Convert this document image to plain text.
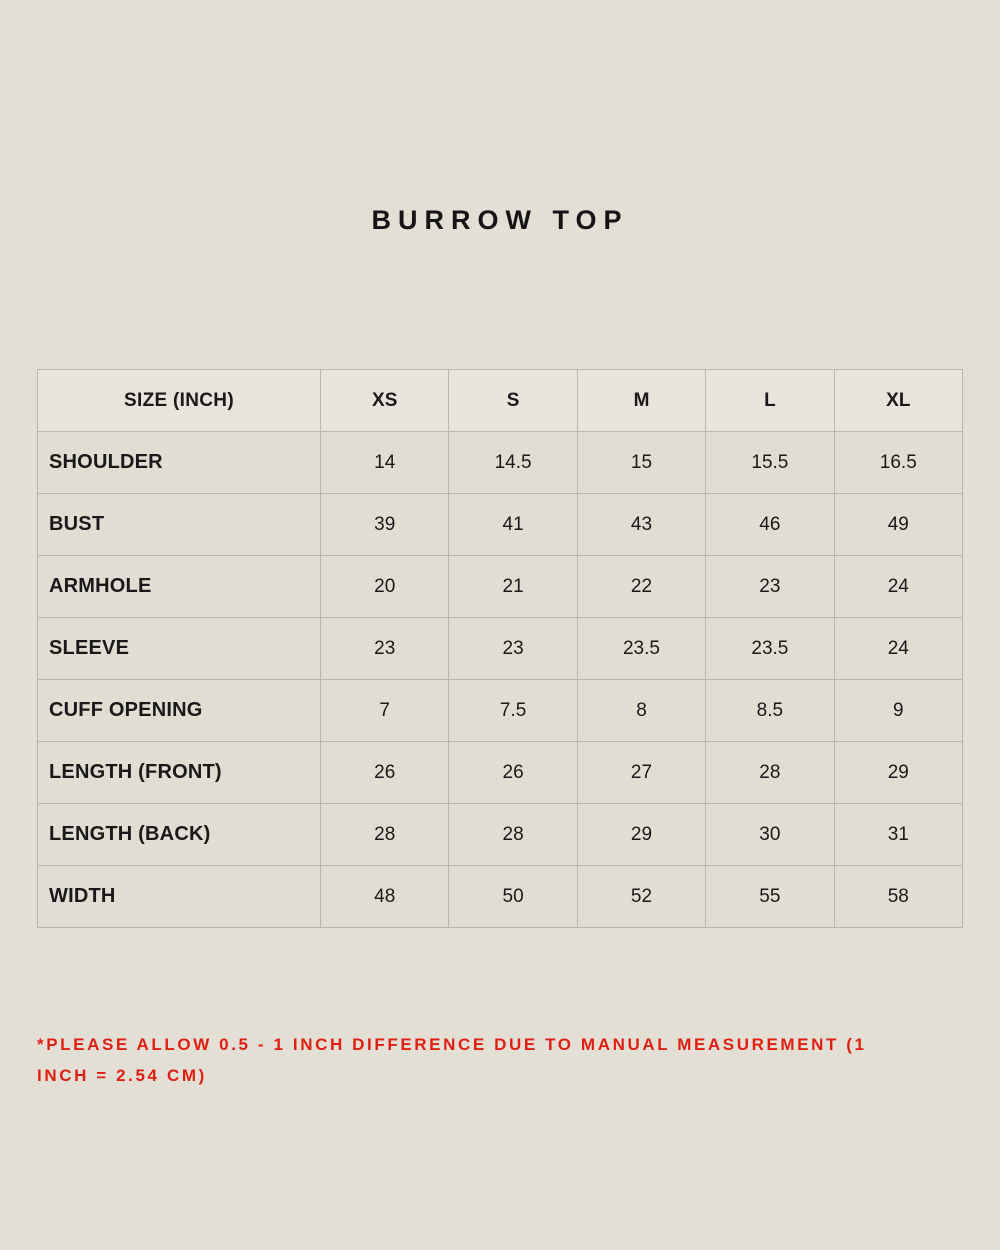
BURROW TOP
SIZE (INCH)	XS	S	M	L	XL
SHOULDER	14	14.5	15	15.5	16.5
BUST	39	41	43	46	49
ARMHOLE	20	21	22	23	24
SLEEVE	23	23	23.5	23.5	24
CUFF OPENING	7	7.5	8	8.5	9
LENGTH (FRONT)	26	26	27	28	29
LENGTH (BACK)	28	28	29	30	31
WIDTH	48	50	52	55	58
*PLEASE ALLOW 0.5 - 1 INCH DIFFERENCE DUE TO MANUAL MEASUREMENT (1 INCH = 2.54 CM)
